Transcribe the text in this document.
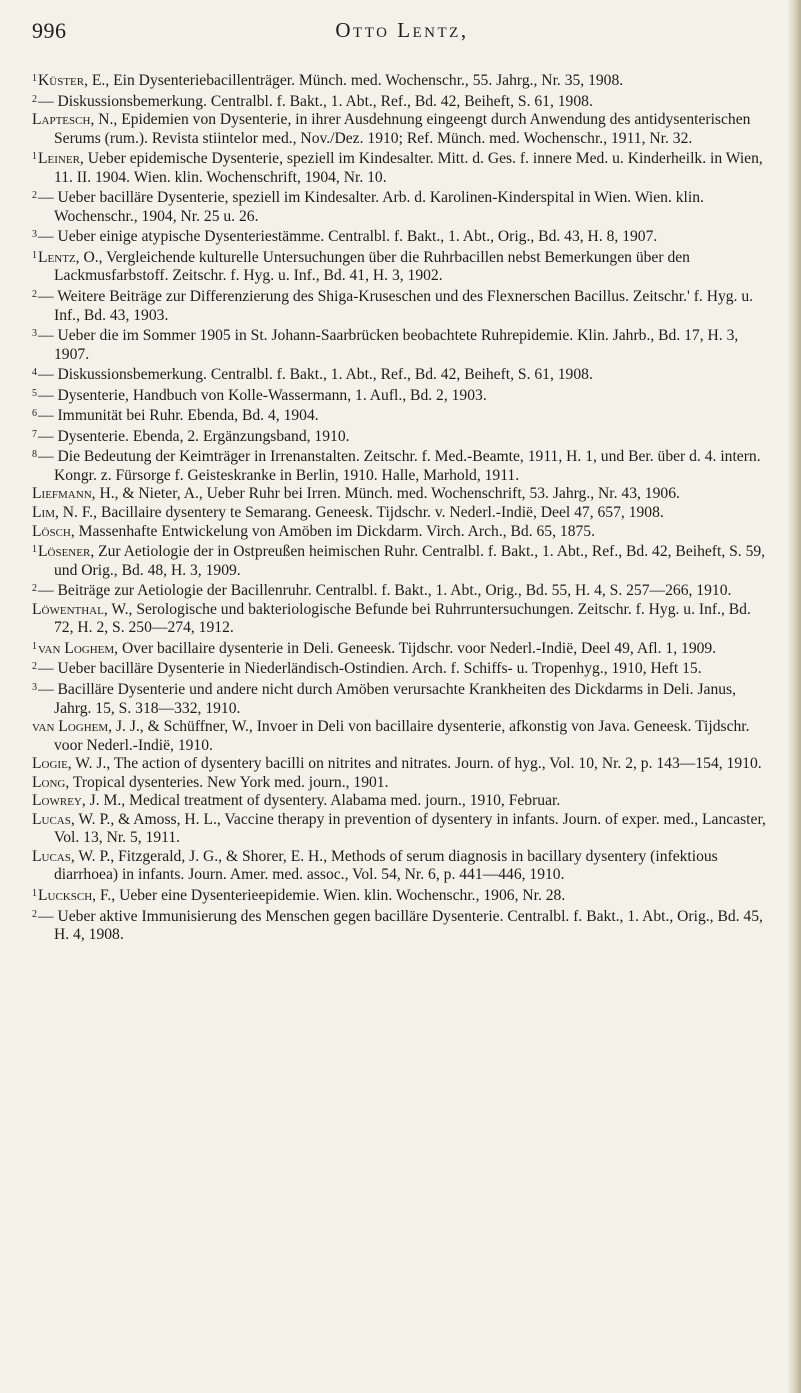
996	Otto Lentz,
$^1$Küster, E., Ein Dysenteriebacillenträger. Münch. med. Wochenschr., 55. Jahrg., Nr. 35, 1908.
$^2$— Diskussionsbemerkung. Centralbl. f. Bakt., 1. Abt., Ref., Bd. 42, Beiheft, S. 61, 1908.
Laptesch, N., Epidemien von Dysenterie, in ihrer Ausdehnung eingeengt durch Anwendung des antidysenterischen Serums (rum.). Revista stiintelor med., Nov./Dez. 1910; Ref. Münch. med. Wochenschr., 1911, Nr. 32.
$^1$Leiner, Ueber epidemische Dysenterie, speziell im Kindesalter. Mitt. d. Ges. f. innere Med. u. Kinderheilk. in Wien, 11. II. 1904. Wien. klin. Wochenschrift, 1904, Nr. 10.
$^2$— Ueber bacilläre Dysenterie, speziell im Kindesalter. Arb. d. Karolinen-Kinderspital in Wien. Wien. klin. Wochenschr., 1904, Nr. 25 u. 26.
$^3$— Ueber einige atypische Dysenteriestämme. Centralbl. f. Bakt., 1. Abt., Orig., Bd. 43, H. 8, 1907.
$^1$Lentz, O., Vergleichende kulturelle Untersuchungen über die Ruhrbacillen nebst Bemerkungen über den Lackmusfarbstoff. Zeitschr. f. Hyg. u. Inf., Bd. 41, H. 3, 1902.
$^2$— Weitere Beiträge zur Differenzierung des Shiga-Kruseschen und des Flexnerschen Bacillus. Zeitschr.' f. Hyg. u. Inf., Bd. 43, 1903.
$^3$— Ueber die im Sommer 1905 in St. Johann-Saarbrücken beobachtete Ruhrepidemie. Klin. Jahrb., Bd. 17, H. 3, 1907.
$^4$— Diskussionsbemerkung. Centralbl. f. Bakt., 1. Abt., Ref., Bd. 42, Beiheft, S. 61, 1908.
$^5$— Dysenterie, Handbuch von Kolle-Wassermann, 1. Aufl., Bd. 2, 1903.
$^6$— Immunität bei Ruhr. Ebenda, Bd. 4, 1904.
$^7$— Dysenterie. Ebenda, 2. Ergänzungsband, 1910.
$^8$— Die Bedeutung der Keimträger in Irrenanstalten. Zeitschr. f. Med.-Beamte, 1911, H. 1, und Ber. über d. 4. intern. Kongr. z. Fürsorge f. Geisteskranke in Berlin, 1910. Halle, Marhold, 1911.
Liefmann, H., & Nieter, A., Ueber Ruhr bei Irren. Münch. med. Wochenschrift, 53. Jahrg., Nr. 43, 1906.
Lim, N. F., Bacillaire dysentery te Semarang. Geneesk. Tijdschr. v. Nederl.-Indië, Deel 47, 657, 1908.
Lösch, Massenhafte Entwickelung von Amöben im Dickdarm. Virch. Arch., Bd. 65, 1875.
$^1$Lösener, Zur Aetiologie der in Ostpreußen heimischen Ruhr. Centralbl. f. Bakt., 1. Abt., Ref., Bd. 42, Beiheft, S. 59, und Orig., Bd. 48, H. 3, 1909.
$^2$— Beiträge zur Aetiologie der Bacillenruhr. Centralbl. f. Bakt., 1. Abt., Orig., Bd. 55, H. 4, S. 257—266, 1910.
Löwenthal, W., Serologische und bakteriologische Befunde bei Ruhrruntersuchungen. Zeitschr. f. Hyg. u. Inf., Bd. 72, H. 2, S. 250—274, 1912.
$^1$van Loghem, Over bacillaire dysenterie in Deli. Geneesk. Tijdschr. voor Nederl.-Indië, Deel 49, Afl. 1, 1909.
$^2$— Ueber bacilläre Dysenterie in Niederländisch-Ostindien. Arch. f. Schiffs- u. Tropenhyg., 1910, Heft 15.
$^3$— Bacilläre Dysenterie und andere nicht durch Amöben verursachte Krankheiten des Dickdarms in Deli. Janus, Jahrg. 15, S. 318—332, 1910.
van Loghem, J. J., & Schüffner, W., Invoer in Deli von bacillaire dysenterie, afkonstig von Java. Geneesk. Tijdschr. voor Nederl.-Indië, 1910.
Logie, W. J., The action of dysentery bacilli on nitrites and nitrates. Journ. of hyg., Vol. 10, Nr. 2, p. 143—154, 1910.
Long, Tropical dysenteries. New York med. journ., 1901.
Lowrey, J. M., Medical treatment of dysentery. Alabama med. journ., 1910, Februar.
Lucas, W. P., & Amoss, H. L., Vaccine therapy in prevention of dysentery in infants. Journ. of exper. med., Lancaster, Vol. 13, Nr. 5, 1911.
Lucas, W. P., Fitzgerald, J. G., & Shorer, E. H., Methods of serum diagnosis in bacillary dysentery (infektious diarrhoea) in infants. Journ. Amer. med. assoc., Vol. 54, Nr. 6, p. 441—446, 1910.
$^1$Lucksch, F., Ueber eine Dysenterieepidemie. Wien. klin. Wochenschr., 1906, Nr. 28.
$^2$— Ueber aktive Immunisierung des Menschen gegen bacilläre Dysenterie. Centralbl. f. Bakt., 1. Abt., Orig., Bd. 45, H. 4, 1908.
